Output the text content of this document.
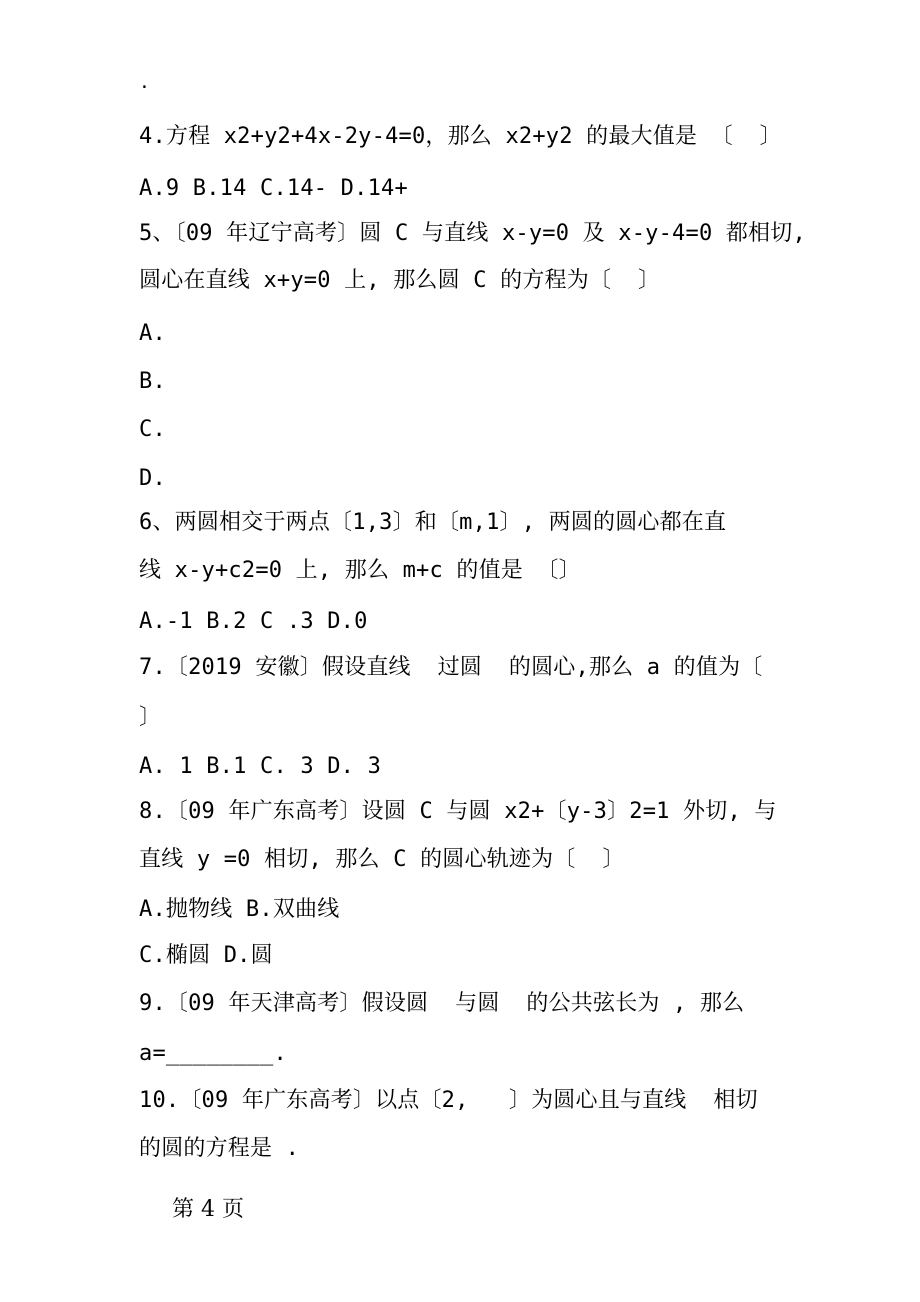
.
4.方程 x2+y2+4x-2y-4=0，那么 x2+y2 的最大值是 〔  〕
A.9 B.14 C.14- D.14+
5、〔09 年辽宁高考〕圆 C 与直线 x-y=0 及 x-y-4=0 都相切,
圆心在直线 x+y=0 上, 那么圆 C 的方程为〔  〕
A.
B.
C.
D.
6、两圆相交于两点〔1,3〕和〔m,1〕, 两圆的圆心都在直
线 x-y+c2=0 上, 那么 m+c 的值是 〔〕
A.-1 B.2 C .3 D.0
7.〔2019 安徽〕假设直线  过圆  的圆心,那么 a 的值为〔
〕
A. 1 B.1 C. 3 D. 3
8.〔09 年广东高考〕设圆 C 与圆 x2+〔y-3〕2=1 外切, 与
直线 y =0 相切, 那么 C 的圆心轨迹为〔  〕
A.抛物线 B.双曲线
C.椭圆 D.圆
9.〔09 年天津高考〕假设圆  与圆  的公共弦长为 , 那么
a=________.
10.〔09 年广东高考〕以点〔2,   〕为圆心且与直线  相切
的圆的方程是 .
第 4 页
